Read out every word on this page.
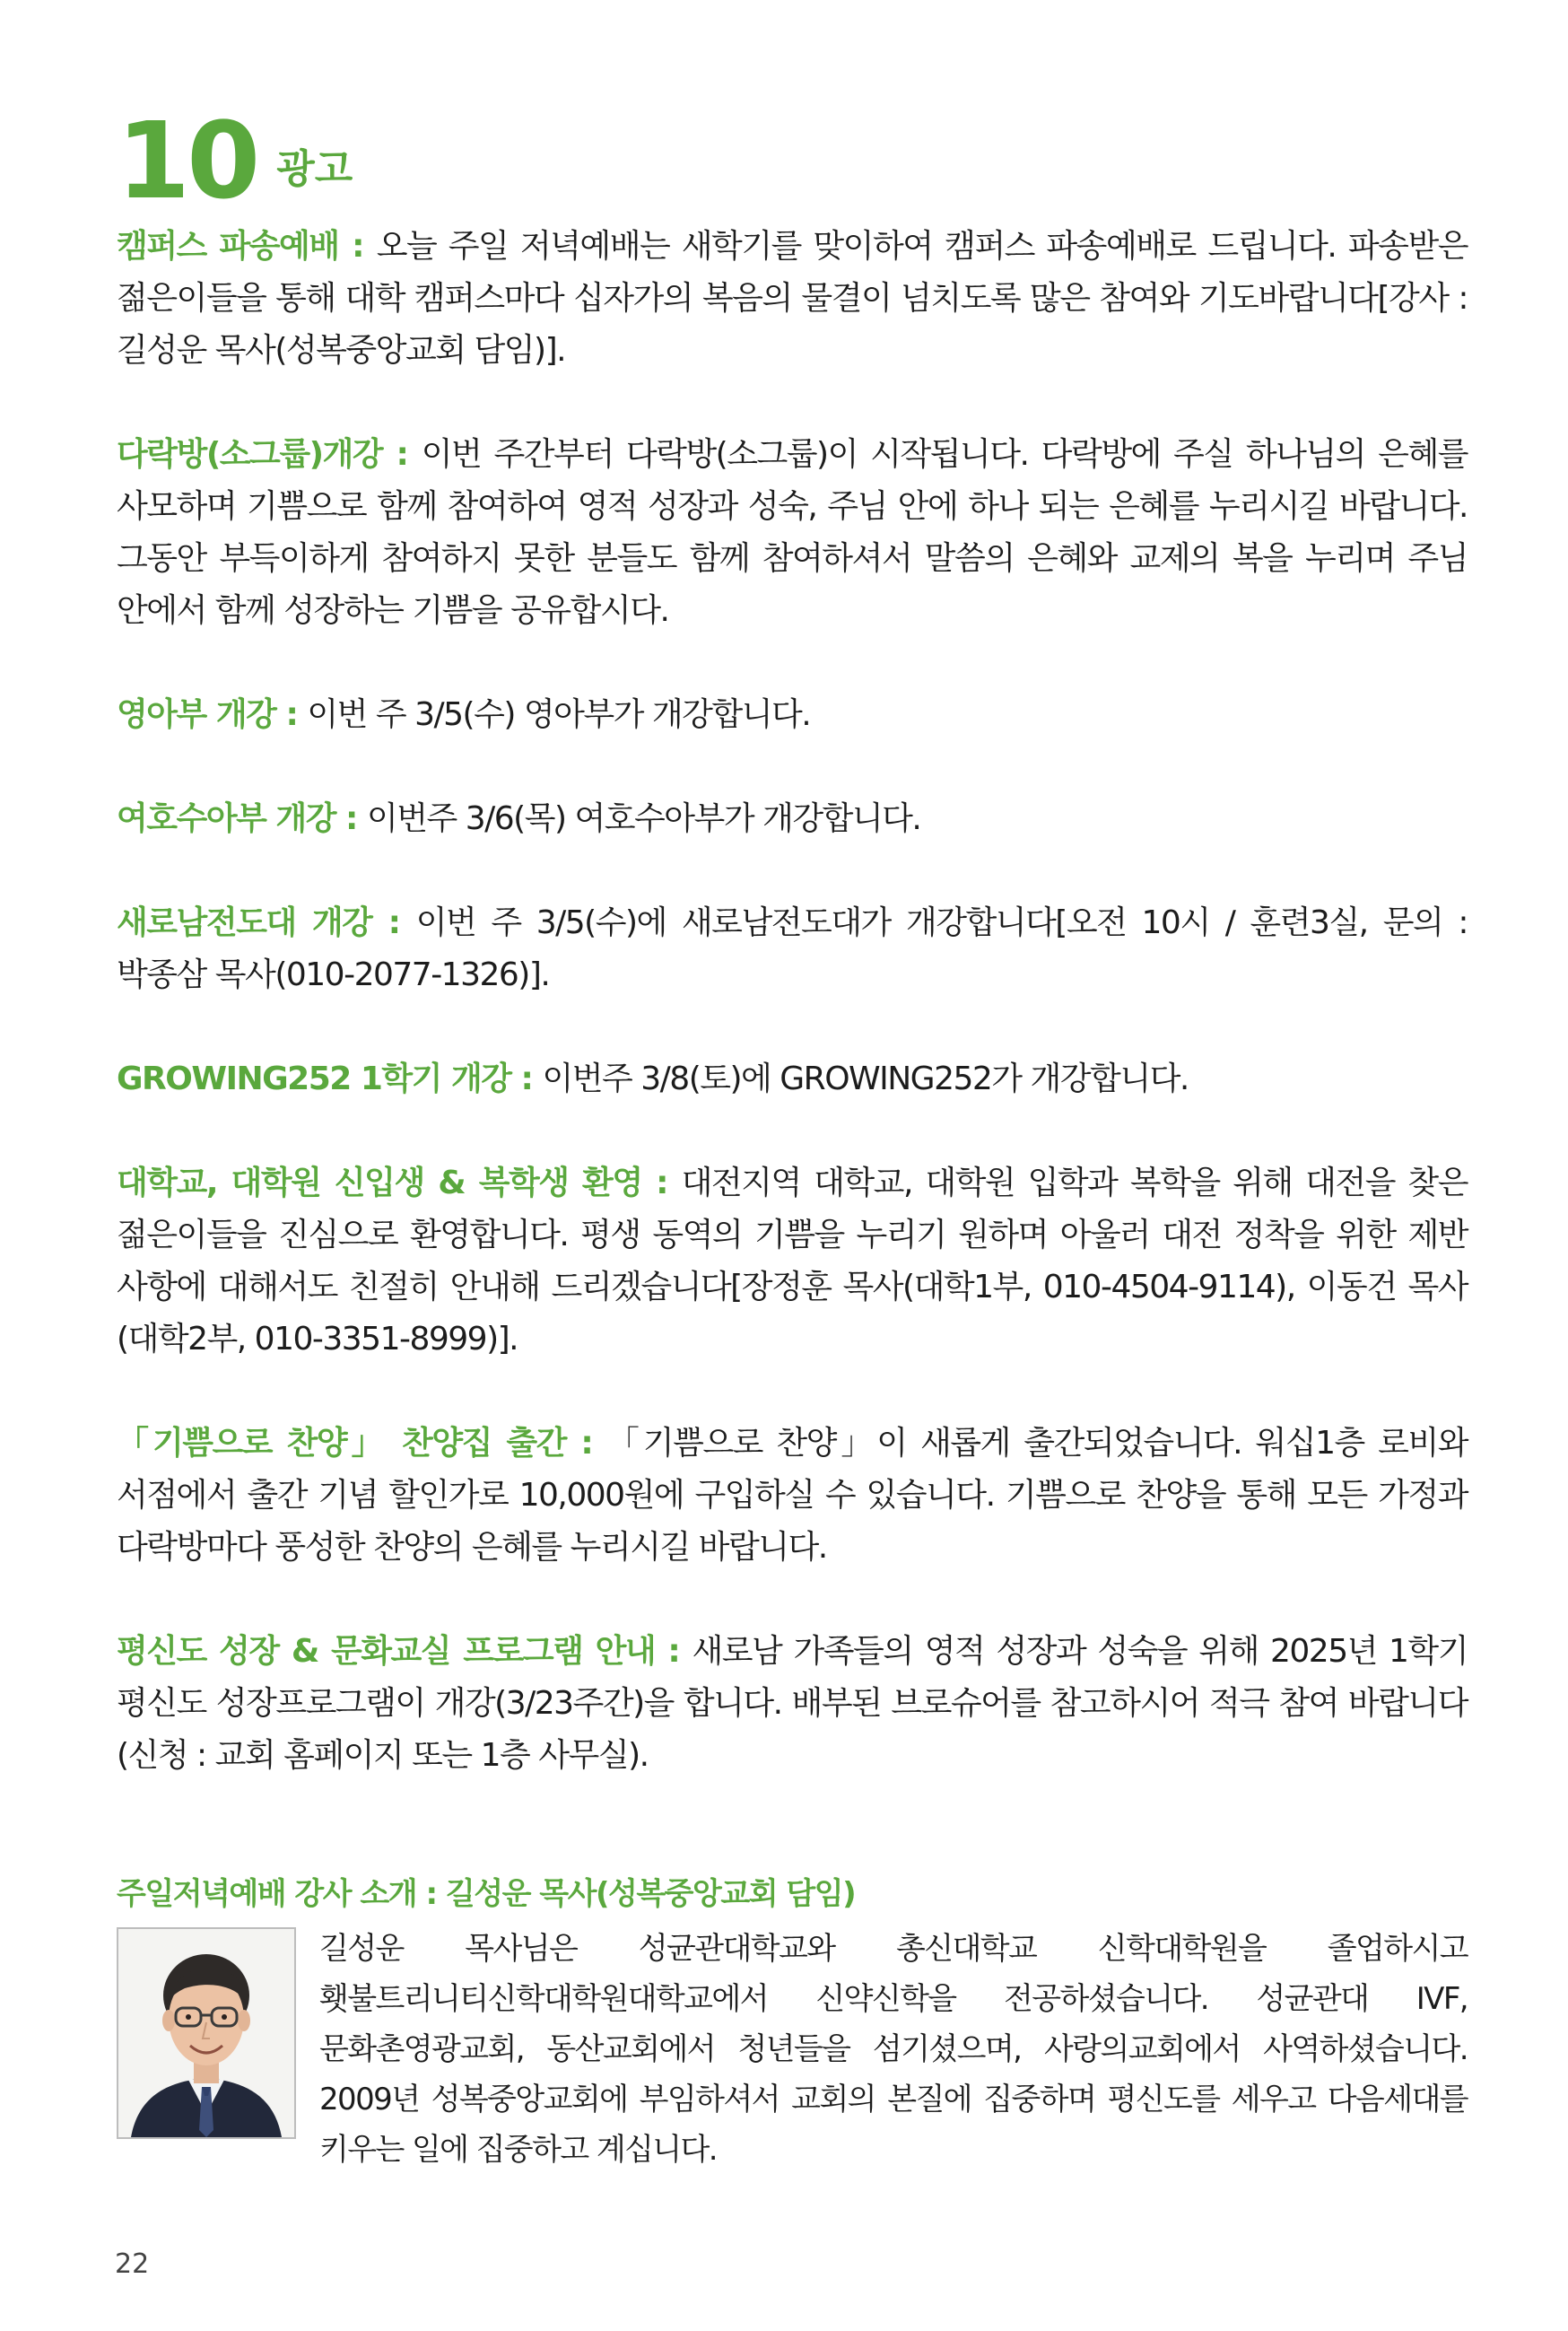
10 광고

캠퍼스 파송예배 : 오늘 주일 저녁예배는 새학기를 맞이하여 캠퍼스 파송예배로 드립니다. 파송받은 젊은이들을 통해 대학 캠퍼스마다 십자가의 복음의 물결이 넘치도록 많은 참여와 기도바랍니다[강사 : 길성운 목사(성복중앙교회 담임)].

다락방(소그룹)개강 : 이번 주간부터 다락방(소그룹)이 시작됩니다. 다락방에 주실 하나님의 은혜를 사모하며 기쁨으로 함께 참여하여 영적 성장과 성숙, 주님 안에 하나 되는 은혜를 누리시길 바랍니다. 그동안 부득이하게 참여하지 못한 분들도 함께 참여하셔서 말씀의 은혜와 교제의 복을 누리며 주님 안에서 함께 성장하는 기쁨을 공유합시다.

영아부 개강 : 이번 주 3/5(수) 영아부가 개강합니다.

여호수아부 개강 : 이번주 3/6(목) 여호수아부가 개강합니다.

새로남전도대 개강 : 이번 주 3/5(수)에 새로남전도대가 개강합니다[오전 10시 / 훈련3실, 문의 : 박종삼 목사(010-2077-1326)].

GROWING252 1학기 개강 : 이번주 3/8(토)에 GROWING252가 개강합니다.

대학교, 대학원 신입생 & 복학생 환영 : 대전지역 대학교, 대학원 입학과 복학을 위해 대전을 찾은 젊은이들을 진심으로 환영합니다. 평생 동역의 기쁨을 누리기 원하며 아울러 대전 정착을 위한 제반 사항에 대해서도 친절히 안내해 드리겠습니다[장정훈 목사(대학1부, 010-4504-9114), 이동건 목사(대학2부, 010-3351-8999)].

「기쁨으로 찬양」 찬양집 출간 : 「기쁨으로 찬양」이 새롭게 출간되었습니다. 워십1층 로비와 서점에서 출간 기념 할인가로 10,000원에 구입하실 수 있습니다. 기쁨으로 찬양을 통해 모든 가정과 다락방마다 풍성한 찬양의 은혜를 누리시길 바랍니다.

평신도 성장 & 문화교실 프로그램 안내 : 새로남 가족들의 영적 성장과 성숙을 위해 2025년 1학기 평신도 성장프로그램이 개강(3/23주간)을 합니다. 배부된 브로슈어를 참고하시어 적극 참여 바랍니다(신청 : 교회 홈페이지 또는 1층 사무실).

주일저녁예배 강사 소개 : 길성운 목사(성복중앙교회 담임)
길성운 목사님은 성균관대학교와 총신대학교 신학대학원을 졸업하시고 횃불트리니티신학대학원대학교에서 신약신학을 전공하셨습니다. 성균관대 IVF, 문화촌영광교회, 동산교회에서 청년들을 섬기셨으며, 사랑의교회에서 사역하셨습니다. 2009년 성복중앙교회에 부임하셔서 교회의 본질에 집중하며 평신도를 세우고 다음세대를 키우는 일에 집중하고 계십니다.
22
